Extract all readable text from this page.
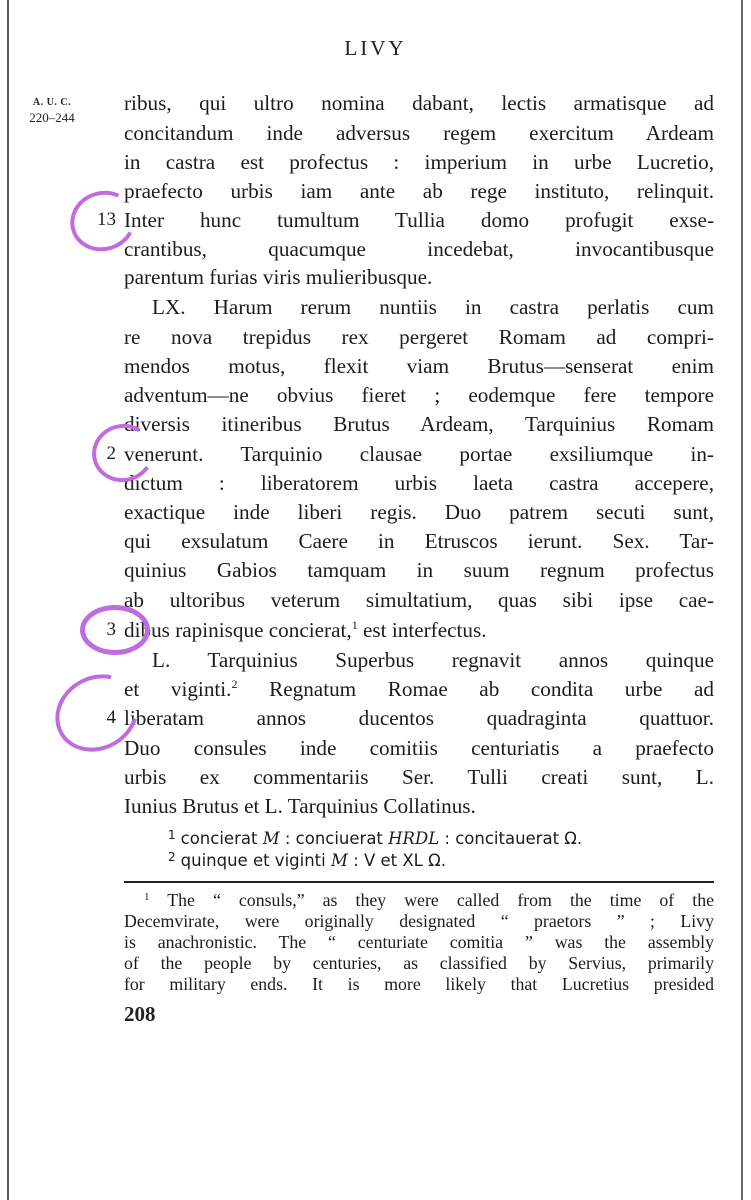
LIVY
A. U. C.
220–244
ribus, qui ultro nomina dabant, lectis armatisque ad
concitandum inde adversus regem exercitum Ardeam
in castra est profectus : imperium in urbe Lucretio,
praefecto urbis iam ante ab rege instituto, relinquit.
Inter hunc tumultum Tullia domo profugit exse-
crantibus, quacumque incedebat, invocantibusque
parentum furias viris mulieribusque.
LX. Harum rerum nuntiis in castra perlatis cum
re nova trepidus rex pergeret Romam ad compri-
mendos motus, flexit viam Brutus—senserat enim
adventum—ne obvius fieret ; eodemque fere tempore
diversis itineribus Brutus Ardeam, Tarquinius Romam
venerunt. Tarquinio clausae portae exsiliumque in-
dictum : liberatorem urbis laeta castra accepere,
exactique inde liberi regis. Duo patrem secuti sunt,
qui exsulatum Caere in Etruscos ierunt. Sex. Tar-
quinius Gabios tamquam in suum regnum profectus
ab ultoribus veterum simultatium, quas sibi ipse cae-
dibus rapinisque concierat,$^1$ est interfectus.
L. Tarquinius Superbus regnavit annos quinque
et viginti.$^2$ Regnatum Romae ab condita urbe ad
liberatam annos ducentos quadraginta quattuor.
Duo consules inde comitiis centuriatis a praefecto
urbis ex commentariis Ser. Tulli creati sunt, L.
Iunius Brutus et L. Tarquinius Collatinus.
13
2
3
4
$^1$ concierat M : conciuerat HRDL : concitauerat Ω.
$^2$ quinque et viginti M : V et XL Ω.
$^1$ The “ consuls,” as they were called from the time of the
Decemvirate, were originally designated “ praetors ” ; Livy
is anachronistic. The “ centuriate comitia ” was the assembly
of the people by centuries, as classified by Servius, primarily
for military ends. It is more likely that Lucretius presided
208
